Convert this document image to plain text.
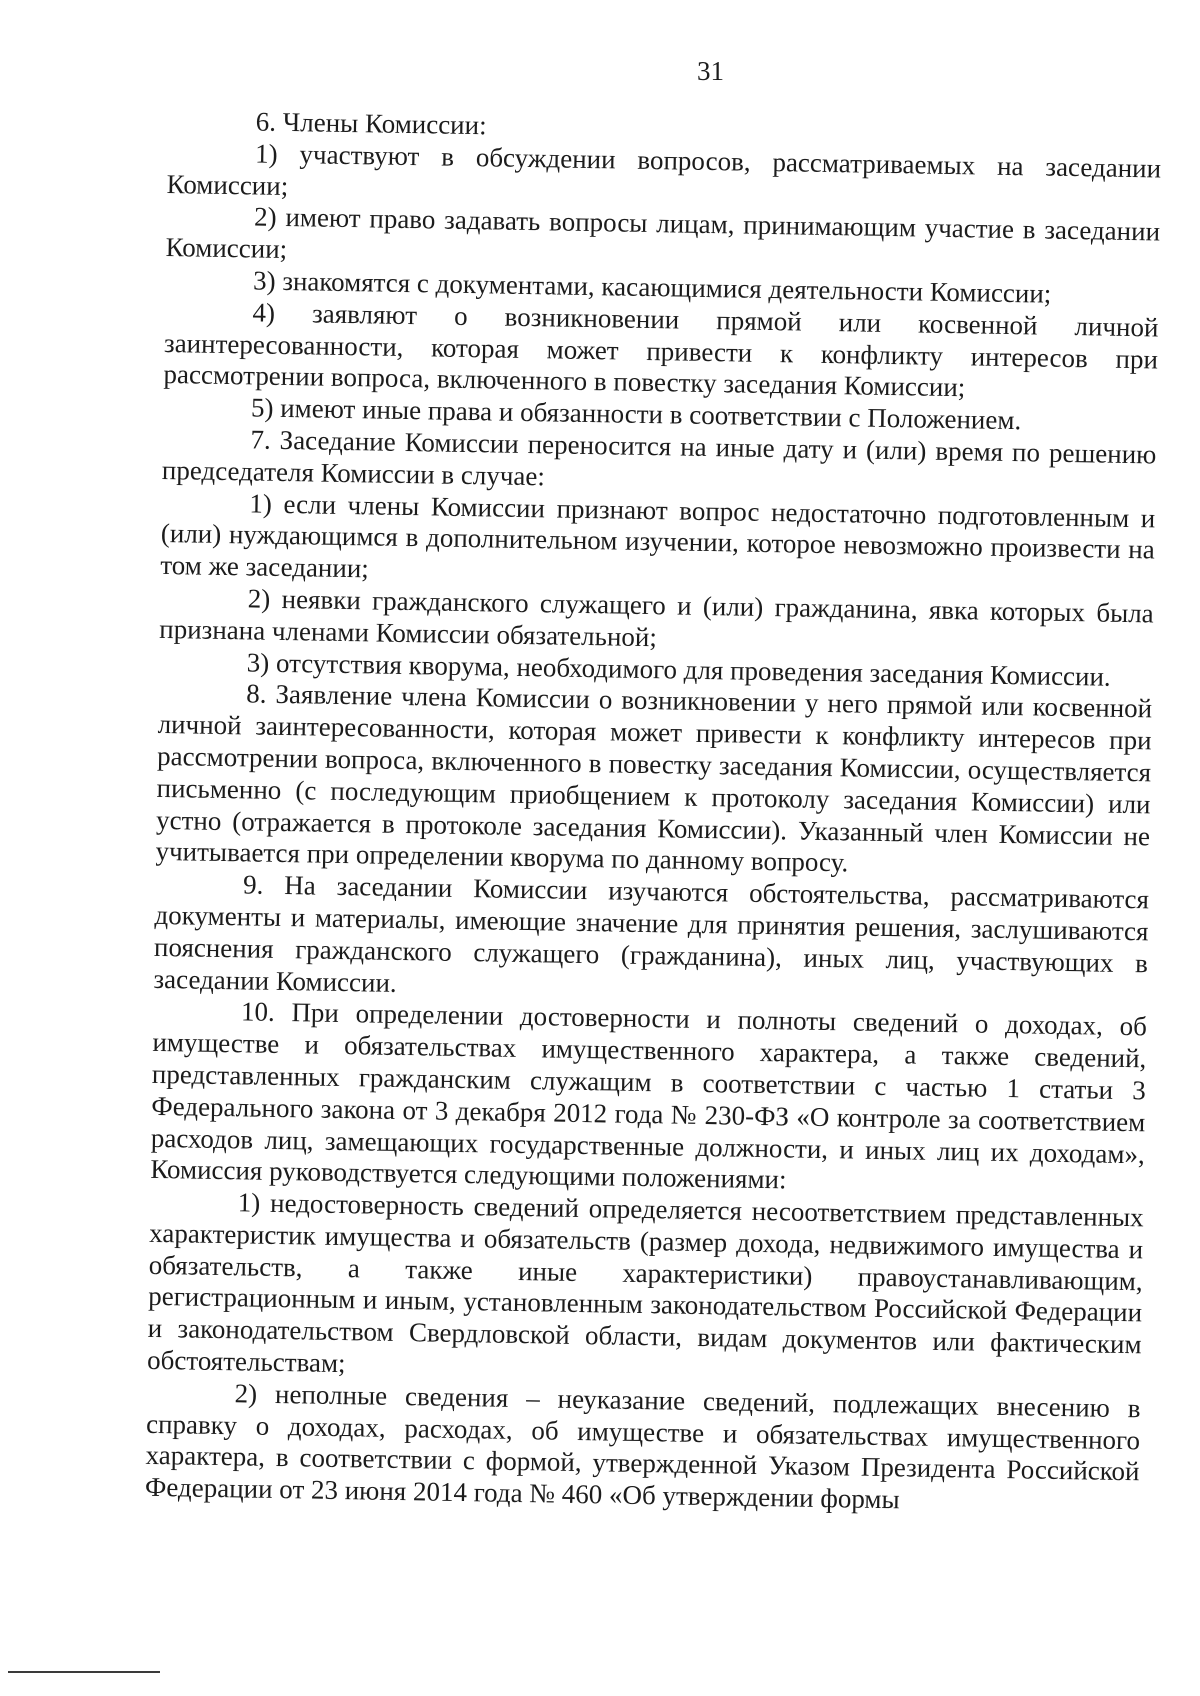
31

6. Члены Комиссии:

1) участвуют в обсуждении вопросов, рассматриваемых на заседании Комиссии;

2) имеют право задавать вопросы лицам, принимающим участие в заседании Комиссии;

3) знакомятся с документами, касающимися деятельности Комиссии;

4) заявляют о возникновении прямой или косвенной личной заинтересованности, которая может привести к конфликту интересов при рассмотрении вопроса, включенного в повестку заседания Комиссии;

5) имеют иные права и обязанности в соответствии с Положением.

7. Заседание Комиссии переносится на иные дату и (или) время по решению председателя Комиссии в случае:

1) если члены Комиссии признают вопрос недостаточно подготовленным и (или) нуждающимся в дополнительном изучении, которое невозможно произвести на том же заседании;

2) неявки гражданского служащего и (или) гражданина, явка которых была признана членами Комиссии обязательной;

3) отсутствия кворума, необходимого для проведения заседания Комиссии.

8. Заявление члена Комиссии о возникновении у него прямой или косвенной личной заинтересованности, которая может привести к конфликту интересов при рассмотрении вопроса, включенного в повестку заседания Комиссии, осуществляется письменно (с последующим приобщением к протоколу заседания Комиссии) или устно (отражается в протоколе заседания Комиссии). Указанный член Комиссии не учитывается при определении кворума по данному вопросу.

9. На заседании Комиссии изучаются обстоятельства, рассматриваются документы и материалы, имеющие значение для принятия решения, заслушиваются пояснения гражданского служащего (гражданина), иных лиц, участвующих в заседании Комиссии.

10. При определении достоверности и полноты сведений о доходах, об имуществе и обязательствах имущественного характера, а также сведений, представленных гражданским служащим в соответствии с частью 1 статьи 3 Федерального закона от 3 декабря 2012 года № 230-ФЗ «О контроле за соответствием расходов лиц, замещающих государственные должности, и иных лиц их доходам», Комиссия руководствуется следующими положениями:

1) недостоверность сведений определяется несоответствием представленных характеристик имущества и обязательств (размер дохода, недвижимого имущества и обязательств, а также иные характеристики) правоустанавливающим, регистрационным и иным, установленным законодательством Российской Федерации и законодательством Свердловской области, видам документов или фактическим обстоятельствам;

2) неполные сведения – неуказание сведений, подлежащих внесению в справку о доходах, расходах, об имуществе и обязательствах имущественного характера, в соответствии с формой, утвержденной Указом Президента Российской Федерации от 23 июня 2014 года № 460 «Об утверждении формы
